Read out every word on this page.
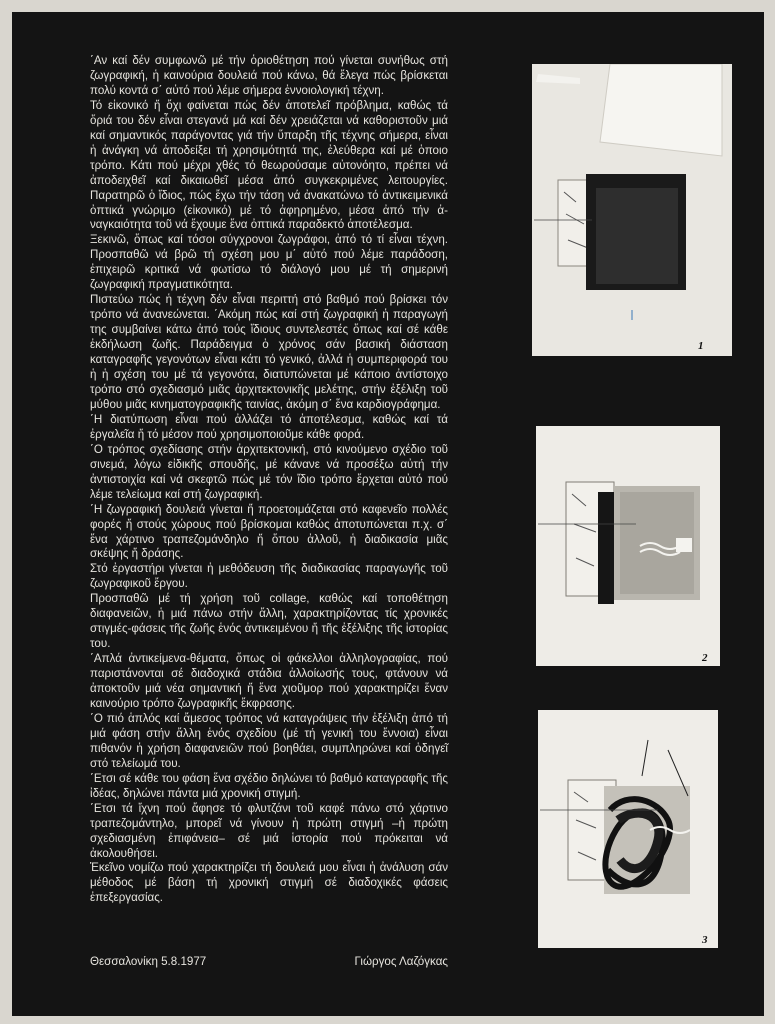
΄Αν καί δέν συμφωνῶ μέ τήν ὁριοθέτηση πού γίνεται συνήθως στή ζωγραφική, ἡ καινούρια δουλειά πού κάνω, θά ἔλεγα πώς βρίσκεται πολύ κοντά σ΄ αὐτό πού λέμε σήμερα ἐννοιολογική τέχνη.

Τό εἰκονικό ἤ ὄχι φαίνεται πώς δέν ἀποτελεῖ πρόβλημα, καθώς τά ὅριά του δέν εἶναι στεγανά μά καί δέν χρειάζεται νά καθοριστοῦν μιά καί σημαντικός παράγοντας γιά τήν ὕπαρξη τῆς τέχνης σήμερα, εἶναι ἡ ἀνάγκη νά ἀποδείξει τή χρησιμότητά της, ἐλεύθερα καί μέ ὁποιο τρόπο. Κάτι πού μέχρι χθές τό θεωρούσαμε αὐτονόητο, πρέπει νά ἀποδειχθεῖ καί δικαιωθεῖ μέσα ἀπό συγκεκριμένες λειτουργίες. Παρατηρῶ ὁ ἴδιος, πώς ἔχω τήν τάση νά ἀνακατώνω τό ἀντικειμενικά ὀπτικά γνώριμο (εἰκονικό) μέ τό ἀφηρημένο, μέσα ἀπό τήν ἀναγκαιότητα τοῦ νά ἔχουμε ἕνα ὀπτικά παραδεκτό ἀποτέλεσμα.

Ξεκινῶ, ὅπως καί τόσοι σύγχρονοι ζωγράφοι, ἀπό τό τί εἶναι τέχνη. Προσπαθῶ νά βρῶ τή σχέση μου μ΄ αὐτό πού λέμε παράδοση, ἐπιχειρῶ κριτικά νά φωτίσω τό διάλογό μου μέ τή σημερινή ζωγραφική πραγματικότητα.

Πιστεύω πώς ἡ τέχνη δέν εἶναι περιττή στό βαθμό πού βρίσκει τόν τρόπο νά ἀνανεώνεται. ΄Ακόμη πώς καί στή ζωγραφική ἡ παραγωγή της συμβαίνει κάτω ἀπό τούς ἴδιους συντελεστές ὅπως καί σέ κάθε ἐκδήλωση ζωῆς. Παράδειγμα ὁ χρόνος σάν βασική διάσταση καταγραφῆς γεγονότων εἶναι κάτι τό γενικό, ἀλλά ἡ συμπεριφορά του ἡ ἡ σχέση του μέ τά γεγονότα, διατυπώνεται μέ κάποιο ἀντίστοιχο τρόπο στό σχεδιασμό μιᾶς ἀρχιτεκτονικῆς μελέτης, στήν ἐξέλιξη τοῦ μύθου μιᾶς κινηματογραφικῆς ταινίας, ἀκόμη σ΄ ἕνα καρδιογράφημα.

΄Η διατύπωση εἶναι πού ἀλλάζει τό ἀποτέλεσμα, καθώς καί τά ἐργαλεῖα ἤ τό μέσον πού χρησιμοποιοῦμε κάθε φορά.

΄Ο τρόπος σχεδίασης στήν ἀρχιτεκτονική, στό κινούμενο σχέδιο τοῦ σινεμά, λόγω εἰδικῆς σπουδῆς, μέ κάνανε νά προσέξω αὐτή τήν ἀντιστοιχία καί νά σκεφτῶ πώς μέ τόν ἴδιο τρόπο ἔρχεται αὐτό πού λέμε τελείωμα καί στή ζωγραφική.

΄Η ζωγραφική δουλειά γίνεται ἤ προετοιμάζεται στό καφενεῖο πολλές φορές ἤ στούς χώρους πού βρίσκομαι καθώς ἀποτυπώνεται π.χ. σ΄ ἕνα χάρτινο τραπεζομάνδηλο ἤ ὅπου ἀλλοῦ, ἡ διαδικασία μιᾶς σκέψης ἤ δράσης.

Στό ἐργαστήρι γίνεται ἡ μεθόδευση τῆς διαδικασίας παραγωγῆς τοῦ ζωγραφικοῦ ἔργου.

Προσπαθῶ μέ τή χρήση τοῦ collage, καθώς καί τοποθέτηση διαφανειῶν, ἡ μιά πάνω στήν ἄλλη, χαρακτηρίζοντας τίς χρονικές στιγμές-φάσεις τῆς ζωῆς ἑνός ἀντικειμένου ἤ τῆς ἐξέλιξης τῆς ἱστορίας του.

΄Απλά ἀντικείμενα-θέματα, ὅπως οἱ φάκελλοι ἀλληλογραφίας, πού παριστάνονται σέ διαδοχικά στάδια ἀλλοίωσής τους, φτάνουν νά ἀποκτοῦν μιά νέα σημαντική ἤ ἕνα χιοῦμορ πού χαρακτηρίζει ἕναν καινούριο τρόπο ζωγραφικῆς ἔκφρασης.

΄Ο πιό ἁπλός καί ἄμεσος τρόπος νά καταγράψεις τήν ἐξέλιξη ἀπό τή μιά φάση στήν ἄλλη ἑνός σχεδίου (μέ τή γενική του ἔννοια) εἶναι πιθανόν ἡ χρήση διαφανειῶν πού βοηθάει, συμπληρώνει καί ὁδηγεῖ στό τελείωμά του.

΄Ετσι σέ κάθε του φάση ἕνα σχέδιο δηλώνει τό βαθμό καταγραφῆς τῆς ἰδέας, δηλώνει πάντα μιά χρονική στιγμή.

΄Ετσι τά ἴχνη πού ἄφησε τό φλυτζάνι τοῦ καφέ πάνω στό χάρτινο τραπεζομάντηλο, μπορεῖ νά γίνουν ἡ πρώτη στιγμή –ἡ πρώτη σχεδιασμένη ἐπιφάνεια– σέ μιά ἱστορία πού πρόκειται νά ἀκολουθήσει.

Ἐκεῖνο νομίζω πού χαρακτηρίζει τή δουλειά μου εἶναι ἡ ἀνάλυση σάν μέθοδος μέ βάση τή χρονική στιγμή σέ διαδοχικές φάσεις ἐπεξεργασίας.

Θεσσαλονίκη 5.8.1977	Γιώργος Λαζόγκας
1
2
3
